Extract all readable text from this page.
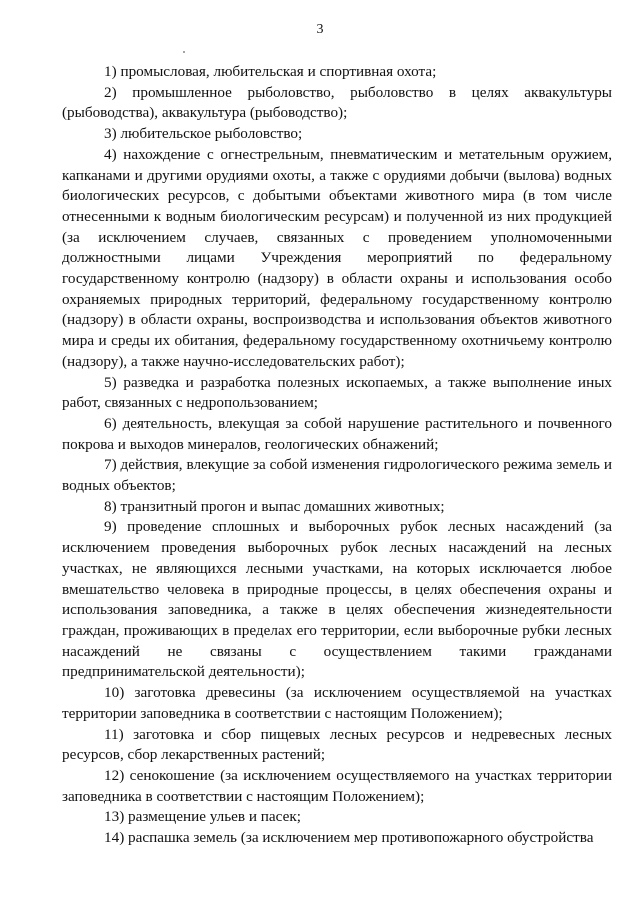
3

1) промысловая, любительская и спортивная охота;

2) промышленное рыболовство, рыболовство в целях аквакультуры (рыбоводства), аквакультура (рыбоводство);

3) любительское рыболовство;

4) нахождение с огнестрельным, пневматическим и метательным оружием, капканами и другими орудиями охоты, а также с орудиями добычи (вылова) водных биологических ресурсов, с добытыми объектами животного мира (в том числе отнесенными к водным биологическим ресурсам) и полученной из них продукцией (за исключением случаев, связанных с проведением уполномоченными должностными лицами Учреждения мероприятий по федеральному государственному контролю (надзору) в области охраны и использования особо охраняемых природных территорий, федеральному государственному контролю (надзору) в области охраны, воспроизводства и использования объектов животного мира и среды их обитания, федеральному государственному охотничьему контролю (надзору), а также научно-исследовательских работ);

5) разведка и разработка полезных ископаемых, а также выполнение иных работ, связанных с недропользованием;

6) деятельность, влекущая за собой нарушение растительного и почвенного покрова и выходов минералов, геологических обнажений;

7) действия, влекущие за собой изменения гидрологического режима земель и водных объектов;

8) транзитный прогон и выпас домашних животных;

9) проведение сплошных и выборочных рубок лесных насаждений (за исключением проведения выборочных рубок лесных насаждений на лесных участках, не являющихся лесными участками, на которых исключается любое вмешательство человека в природные процессы, в целях обеспечения охраны и использования заповедника, а также в целях обеспечения жизнедеятельности граждан, проживающих в пределах его территории, если выборочные рубки лесных насаждений не связаны с осуществлением такими гражданами предпринимательской деятельности);

10) заготовка древесины (за исключением осуществляемой на участках территории заповедника в соответствии с настоящим Положением);

11) заготовка и сбор пищевых лесных ресурсов и недревесных лесных ресурсов, сбор лекарственных растений;

12) сенокошение (за исключением осуществляемого на участках территории заповедника в соответствии с настоящим Положением);

13) размещение ульев и пасек;

14) распашка земель (за исключением мер противопожарного обустройства
